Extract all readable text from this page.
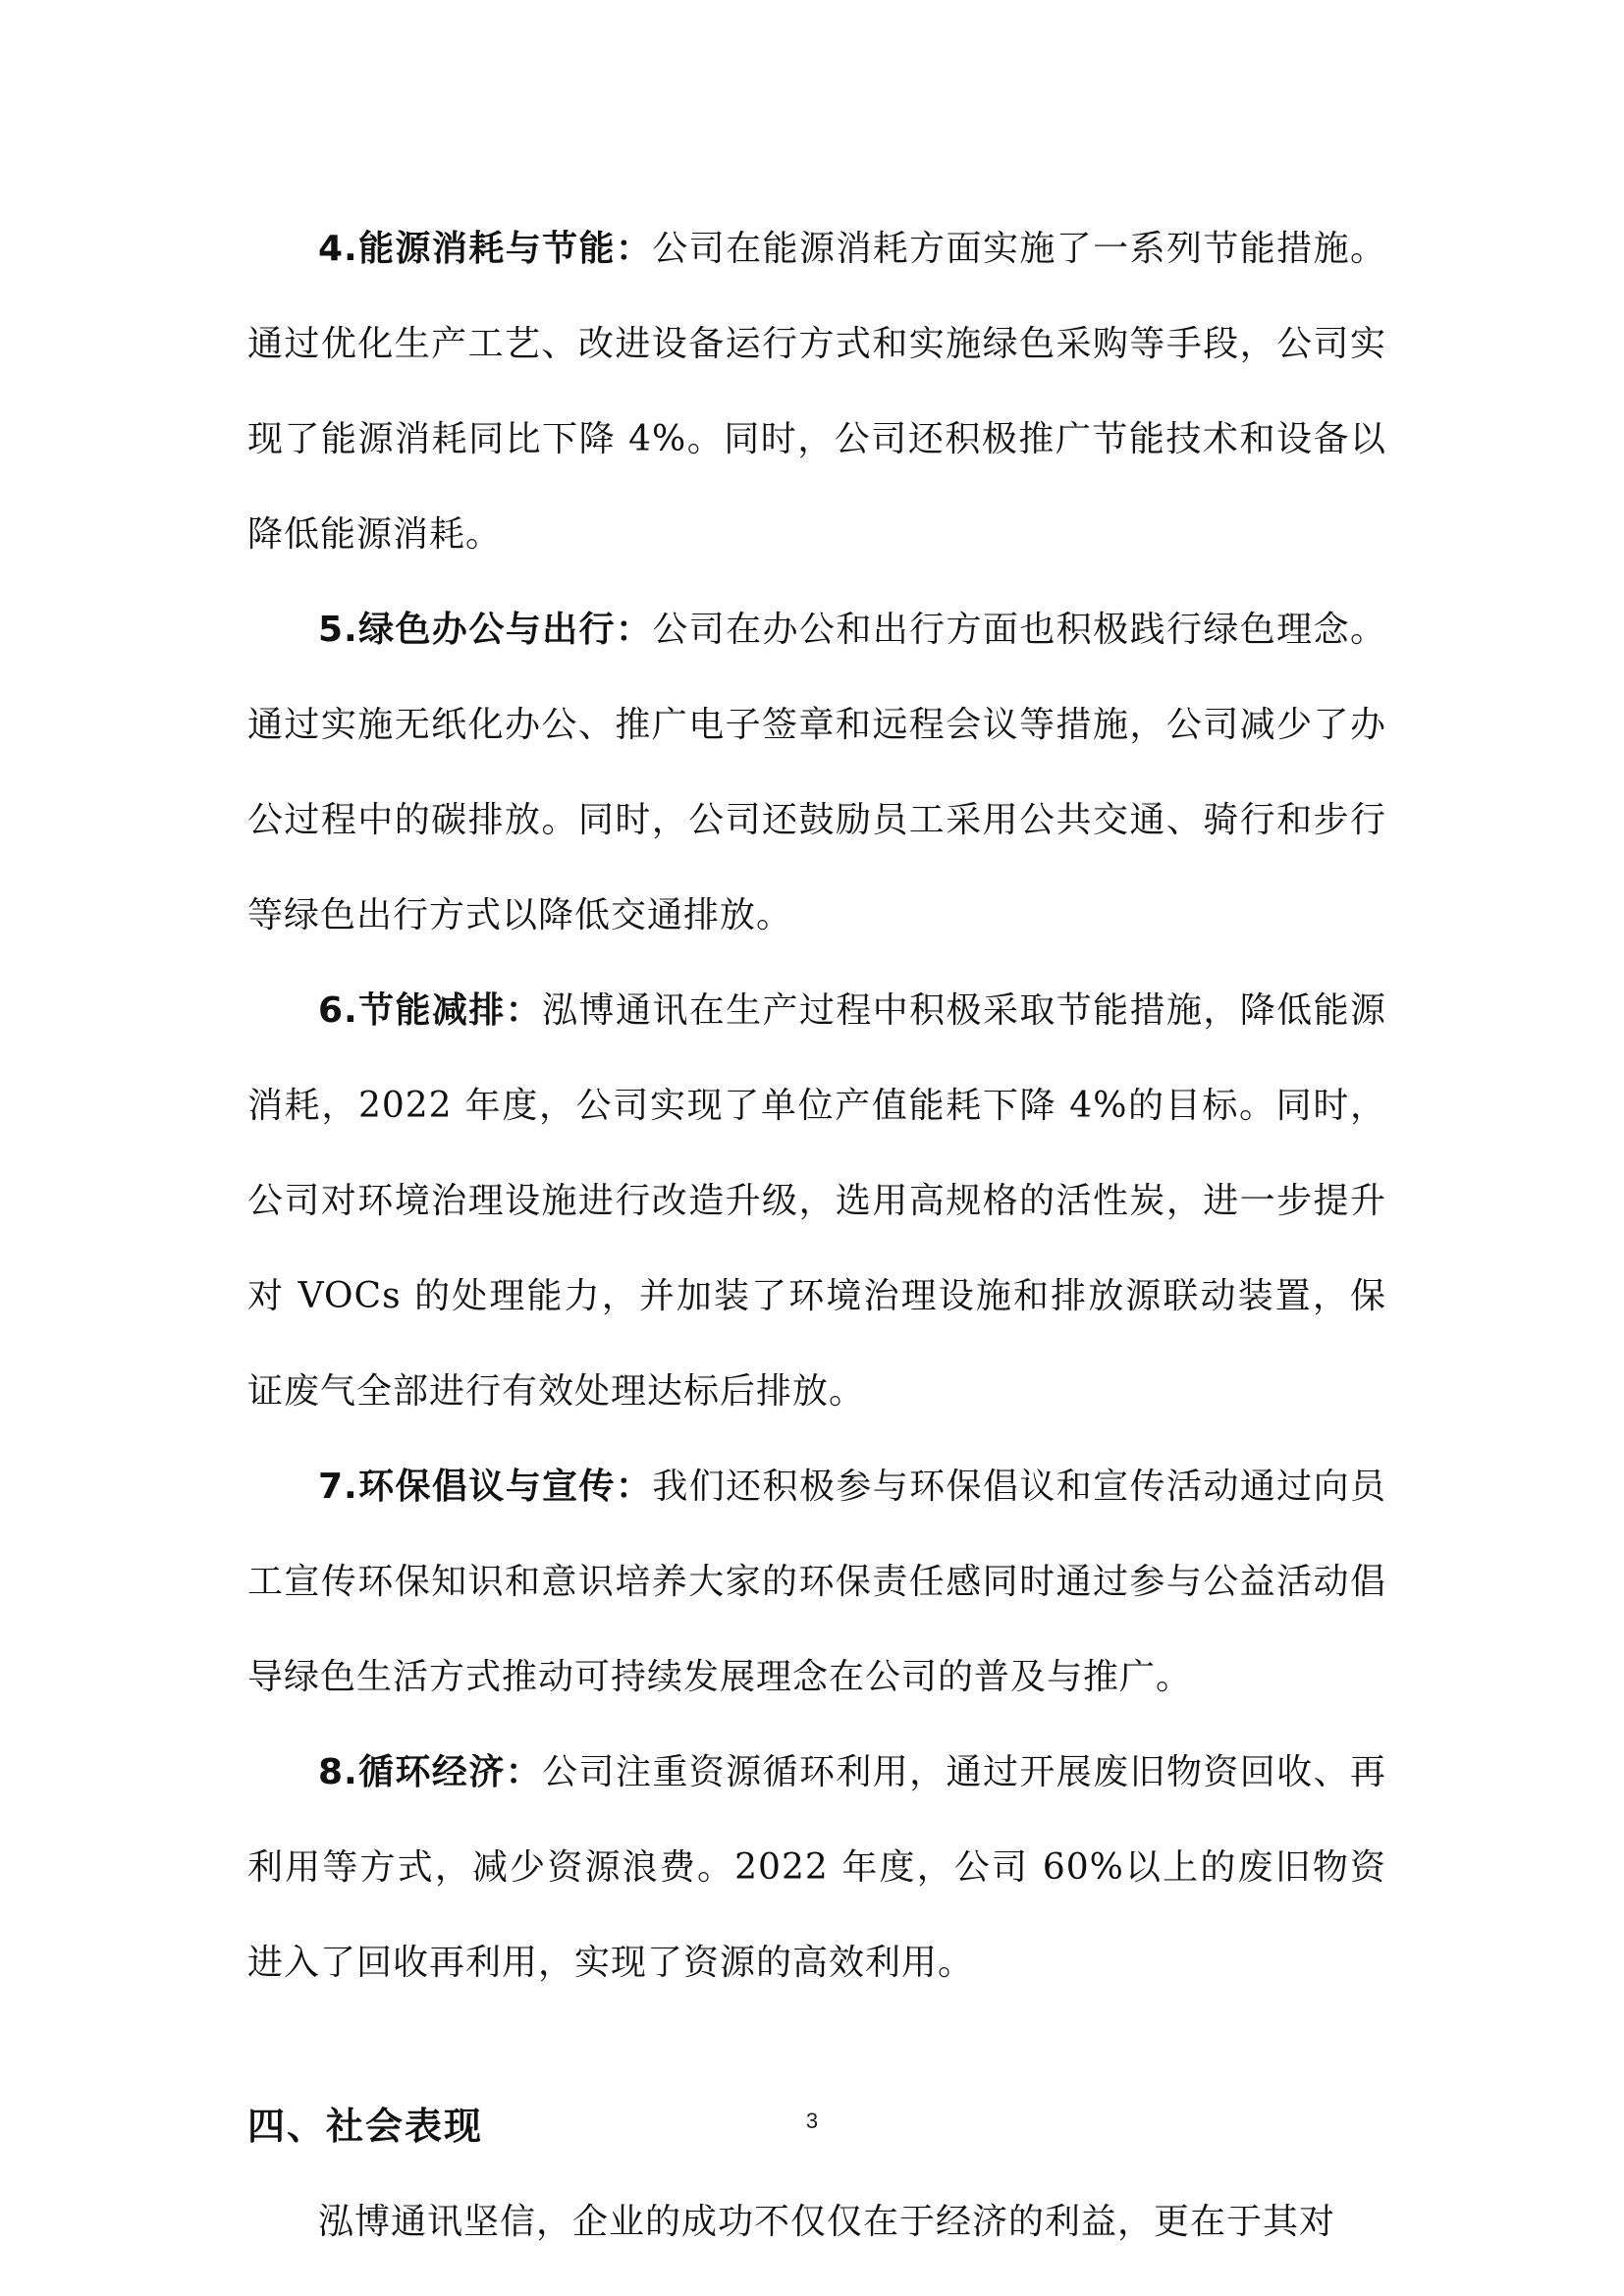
4.能源消耗与节能：公司在能源消耗方面实施了一系列节能措施。通过优化生产工艺、改进设备运行方式和实施绿色采购等手段，公司实现了能源消耗同比下降 4%。同时，公司还积极推广节能技术和设备以降低能源消耗。

5.绿色办公与出行：公司在办公和出行方面也积极践行绿色理念。通过实施无纸化办公、推广电子签章和远程会议等措施，公司减少了办公过程中的碳排放。同时，公司还鼓励员工采用公共交通、骑行和步行等绿色出行方式以降低交通排放。

6.节能减排：泓博通讯在生产过程中积极采取节能措施，降低能源消耗，2022 年度，公司实现了单位产值能耗下降 4%的目标。同时，公司对环境治理设施进行改造升级，选用高规格的活性炭，进一步提升对 VOCs 的处理能力，并加装了环境治理设施和排放源联动装置，保证废气全部进行有效处理达标后排放。

7.环保倡议与宣传：我们还积极参与环保倡议和宣传活动通过向员工宣传环保知识和意识培养大家的环保责任感同时通过参与公益活动倡导绿色生活方式推动可持续发展理念在公司的普及与推广。

8.循环经济：公司注重资源循环利用，通过开展废旧物资回收、再利用等方式，减少资源浪费。2022 年度，公司 60%以上的废旧物资进入了回收再利用，实现了资源的高效利用。

四、社会表现

泓博通讯坚信，企业的成功不仅仅在于经济的利益，更在于其对

3
